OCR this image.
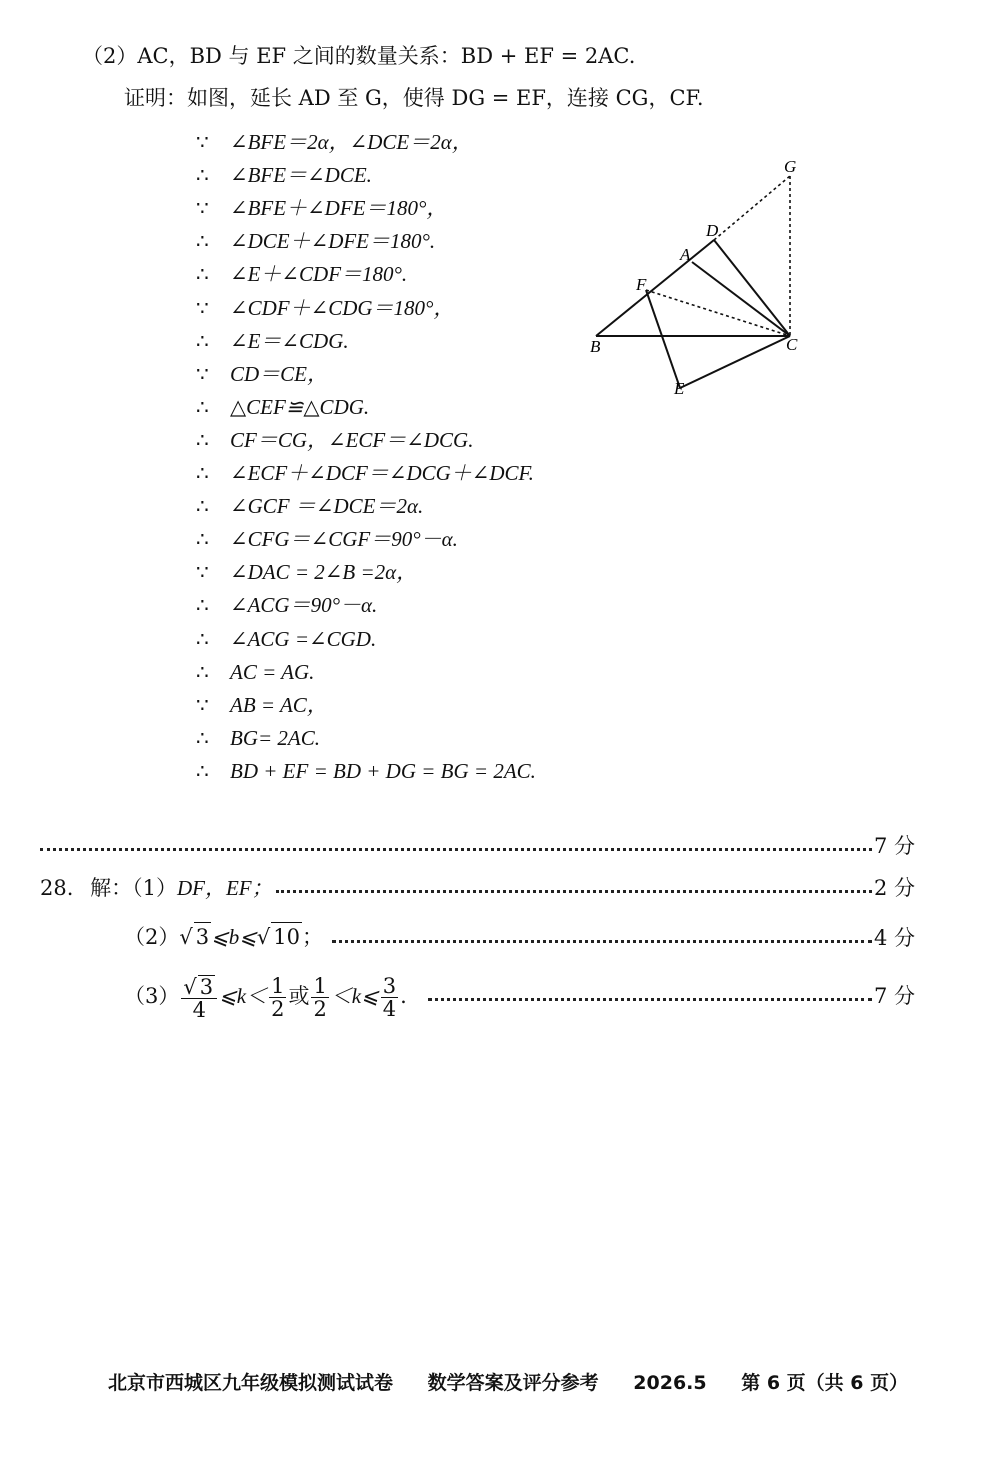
（2）AC，BD 与 EF 之间的数量关系：BD + EF = 2AC.
证明：如图，延长 AD 至 G，使得 DG = EF，连接 CG，CF.
∵ ∠BFE＝2α，∠DCE＝2α，
∴ ∠BFE＝∠DCE.
∵ ∠BFE＋∠DFE＝180°，
∴ ∠DCE＋∠DFE＝180°.
∴ ∠E＋∠CDF＝180°.
∵ ∠CDF＋∠CDG＝180°，
∴ ∠E＝∠CDG.
∵ CD＝CE，
∴ △CEF≌△CDG.
∴ CF＝CG，∠ECF＝∠DCG.
∴ ∠ECF＋∠DCF＝∠DCG＋∠DCF.
∴ ∠GCF ＝∠DCE＝2α.
∴ ∠CFG＝∠CGF＝90°－α.
∵ ∠DAC = 2∠B =2α，
∴ ∠ACG＝90°－α.
∴ ∠ACG =∠CGD.
∴ AC = AG.
∵ AB = AC，
∴ BG= 2AC.
∴ BD + EF = BD + DG = BG = 2AC.
G
D
A
F
B	C
E
7 分
28. 解：（1）DF，EF；	2 分
（2）√ 3⩽b⩽√ 10；	4 分
$(3) \frac{√ 3}{4}$ ⩽k＜ $\frac{1}{2}$ 或 $\frac{1}{2}$ ＜k⩽ $\frac{3}{4}$ .	7 分
北京市西城区九年级模拟测试试卷 数学答案及评分参考 2026.5 第 6 页（共 6 页）
